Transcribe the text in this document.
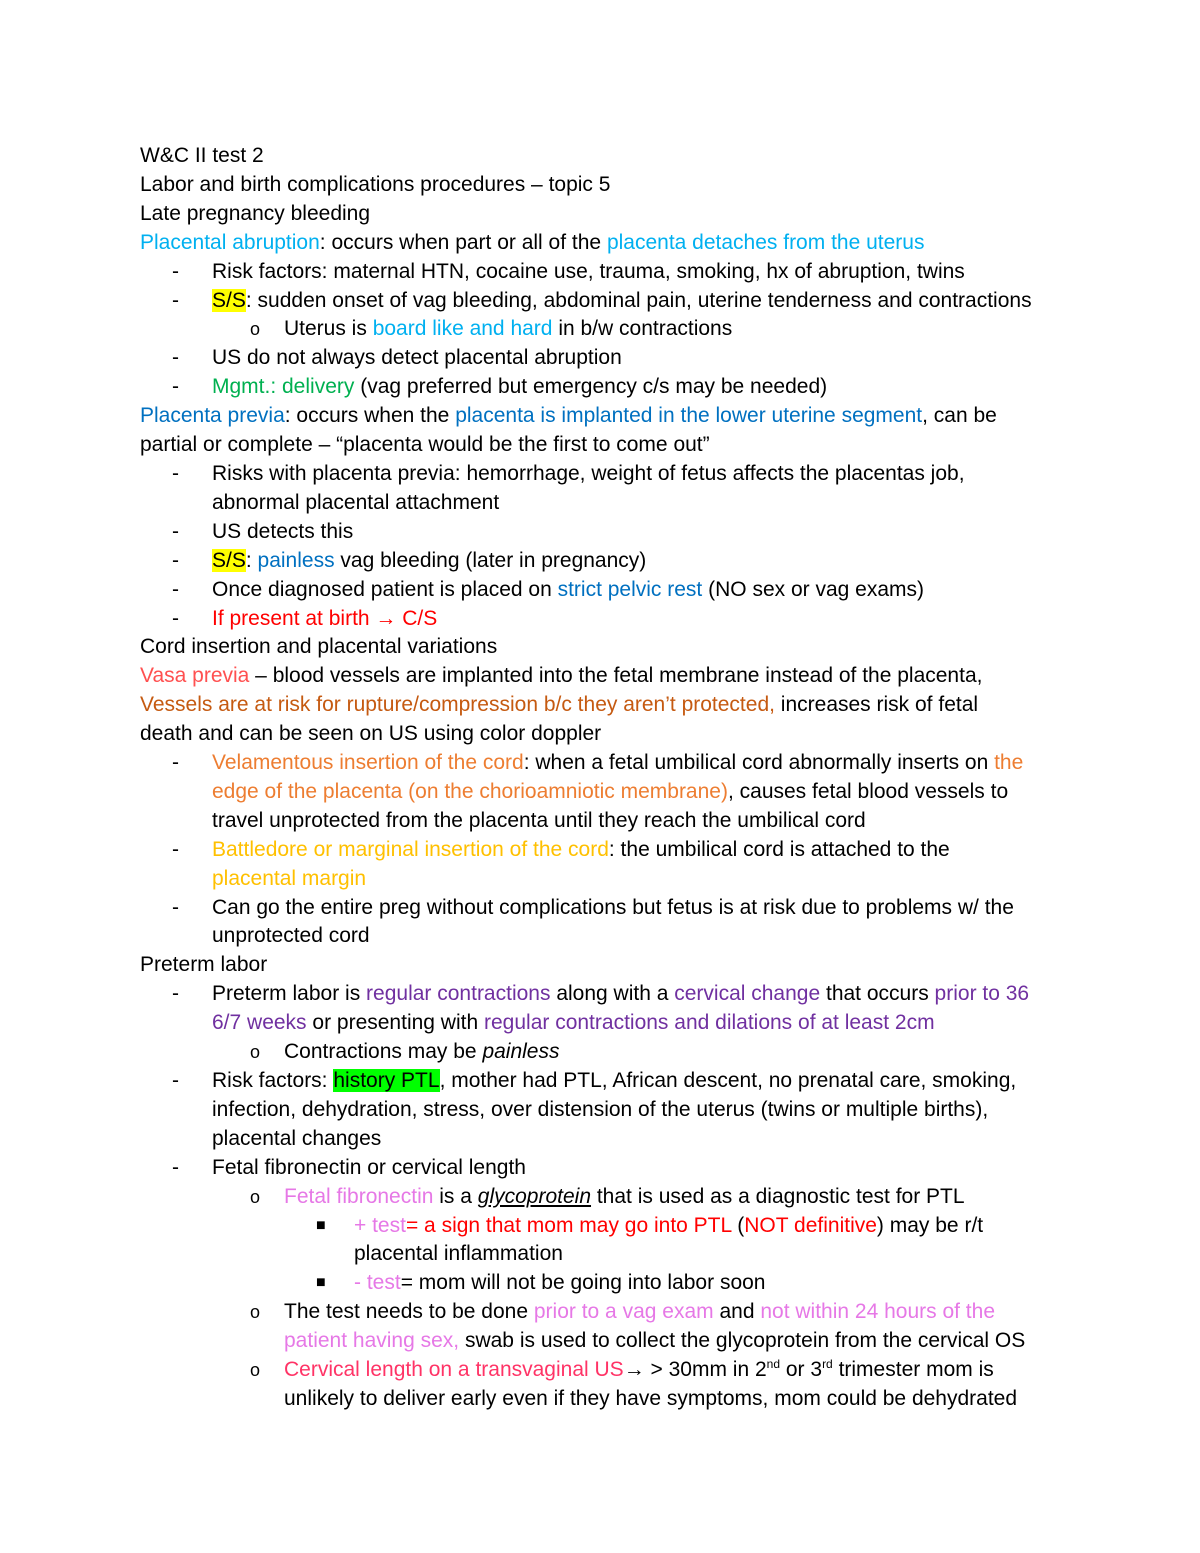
W&C II test 2
Labor and birth complications procedures – topic 5
Late pregnancy bleeding
Placental abruption: occurs when part or all of the placenta detaches from the uterus
- Risk factors: maternal HTN, cocaine use, trauma, smoking, hx of abruption, twins
- S/S: sudden onset of vag bleeding, abdominal pain, uterine tenderness and contractions
o Uterus is board like and hard in b/w contractions
- US do not always detect placental abruption
- Mgmt.: delivery (vag preferred but emergency c/s may be needed)
Placenta previa: occurs when the placenta is implanted in the lower uterine segment, can be
partial or complete – “placenta would be the first to come out”
- Risks with placenta previa: hemorrhage, weight of fetus affects the placentas job,
abnormal placental attachment
- US detects this
- S/S: painless vag bleeding (later in pregnancy)
- Once diagnosed patient is placed on strict pelvic rest (NO sex or vag exams)
- If present at birth → C/S
Cord insertion and placental variations
Vasa previa – blood vessels are implanted into the fetal membrane instead of the placenta,
Vessels are at risk for rupture/compression b/c they aren’t protected, increases risk of fetal
death and can be seen on US using color doppler
- Velamentous insertion of the cord: when a fetal umbilical cord abnormally inserts on the
edge of the placenta (on the chorioamniotic membrane), causes fetal blood vessels to
travel unprotected from the placenta until they reach the umbilical cord
- Battledore or marginal insertion of the cord: the umbilical cord is attached to the
placental margin
- Can go the entire preg without complications but fetus is at risk due to problems w/ the
unprotected cord
Preterm labor
- Preterm labor is regular contractions along with a cervical change that occurs prior to 36
6/7 weeks or presenting with regular contractions and dilations of at least 2cm
o Contractions may be painless
- Risk factors: history PTL, mother had PTL, African descent, no prenatal care, smoking,
infection, dehydration, stress, over distension of the uterus (twins or multiple births),
placental changes
- Fetal fibronectin or cervical length
o Fetal fibronectin is a glycoprotein that is used as a diagnostic test for PTL
■ + test= a sign that mom may go into PTL (NOT definitive) may be r/t
placental inflammation
■ - test= mom will not be going into labor soon
o The test needs to be done prior to a vag exam and not within 24 hours of the
patient having sex, swab is used to collect the glycoprotein from the cervical OS
o Cervical length on a transvaginal US→ > 30mm in 2nd or 3rd trimester mom is
unlikely to deliver early even if they have symptoms, mom could be dehydrated
